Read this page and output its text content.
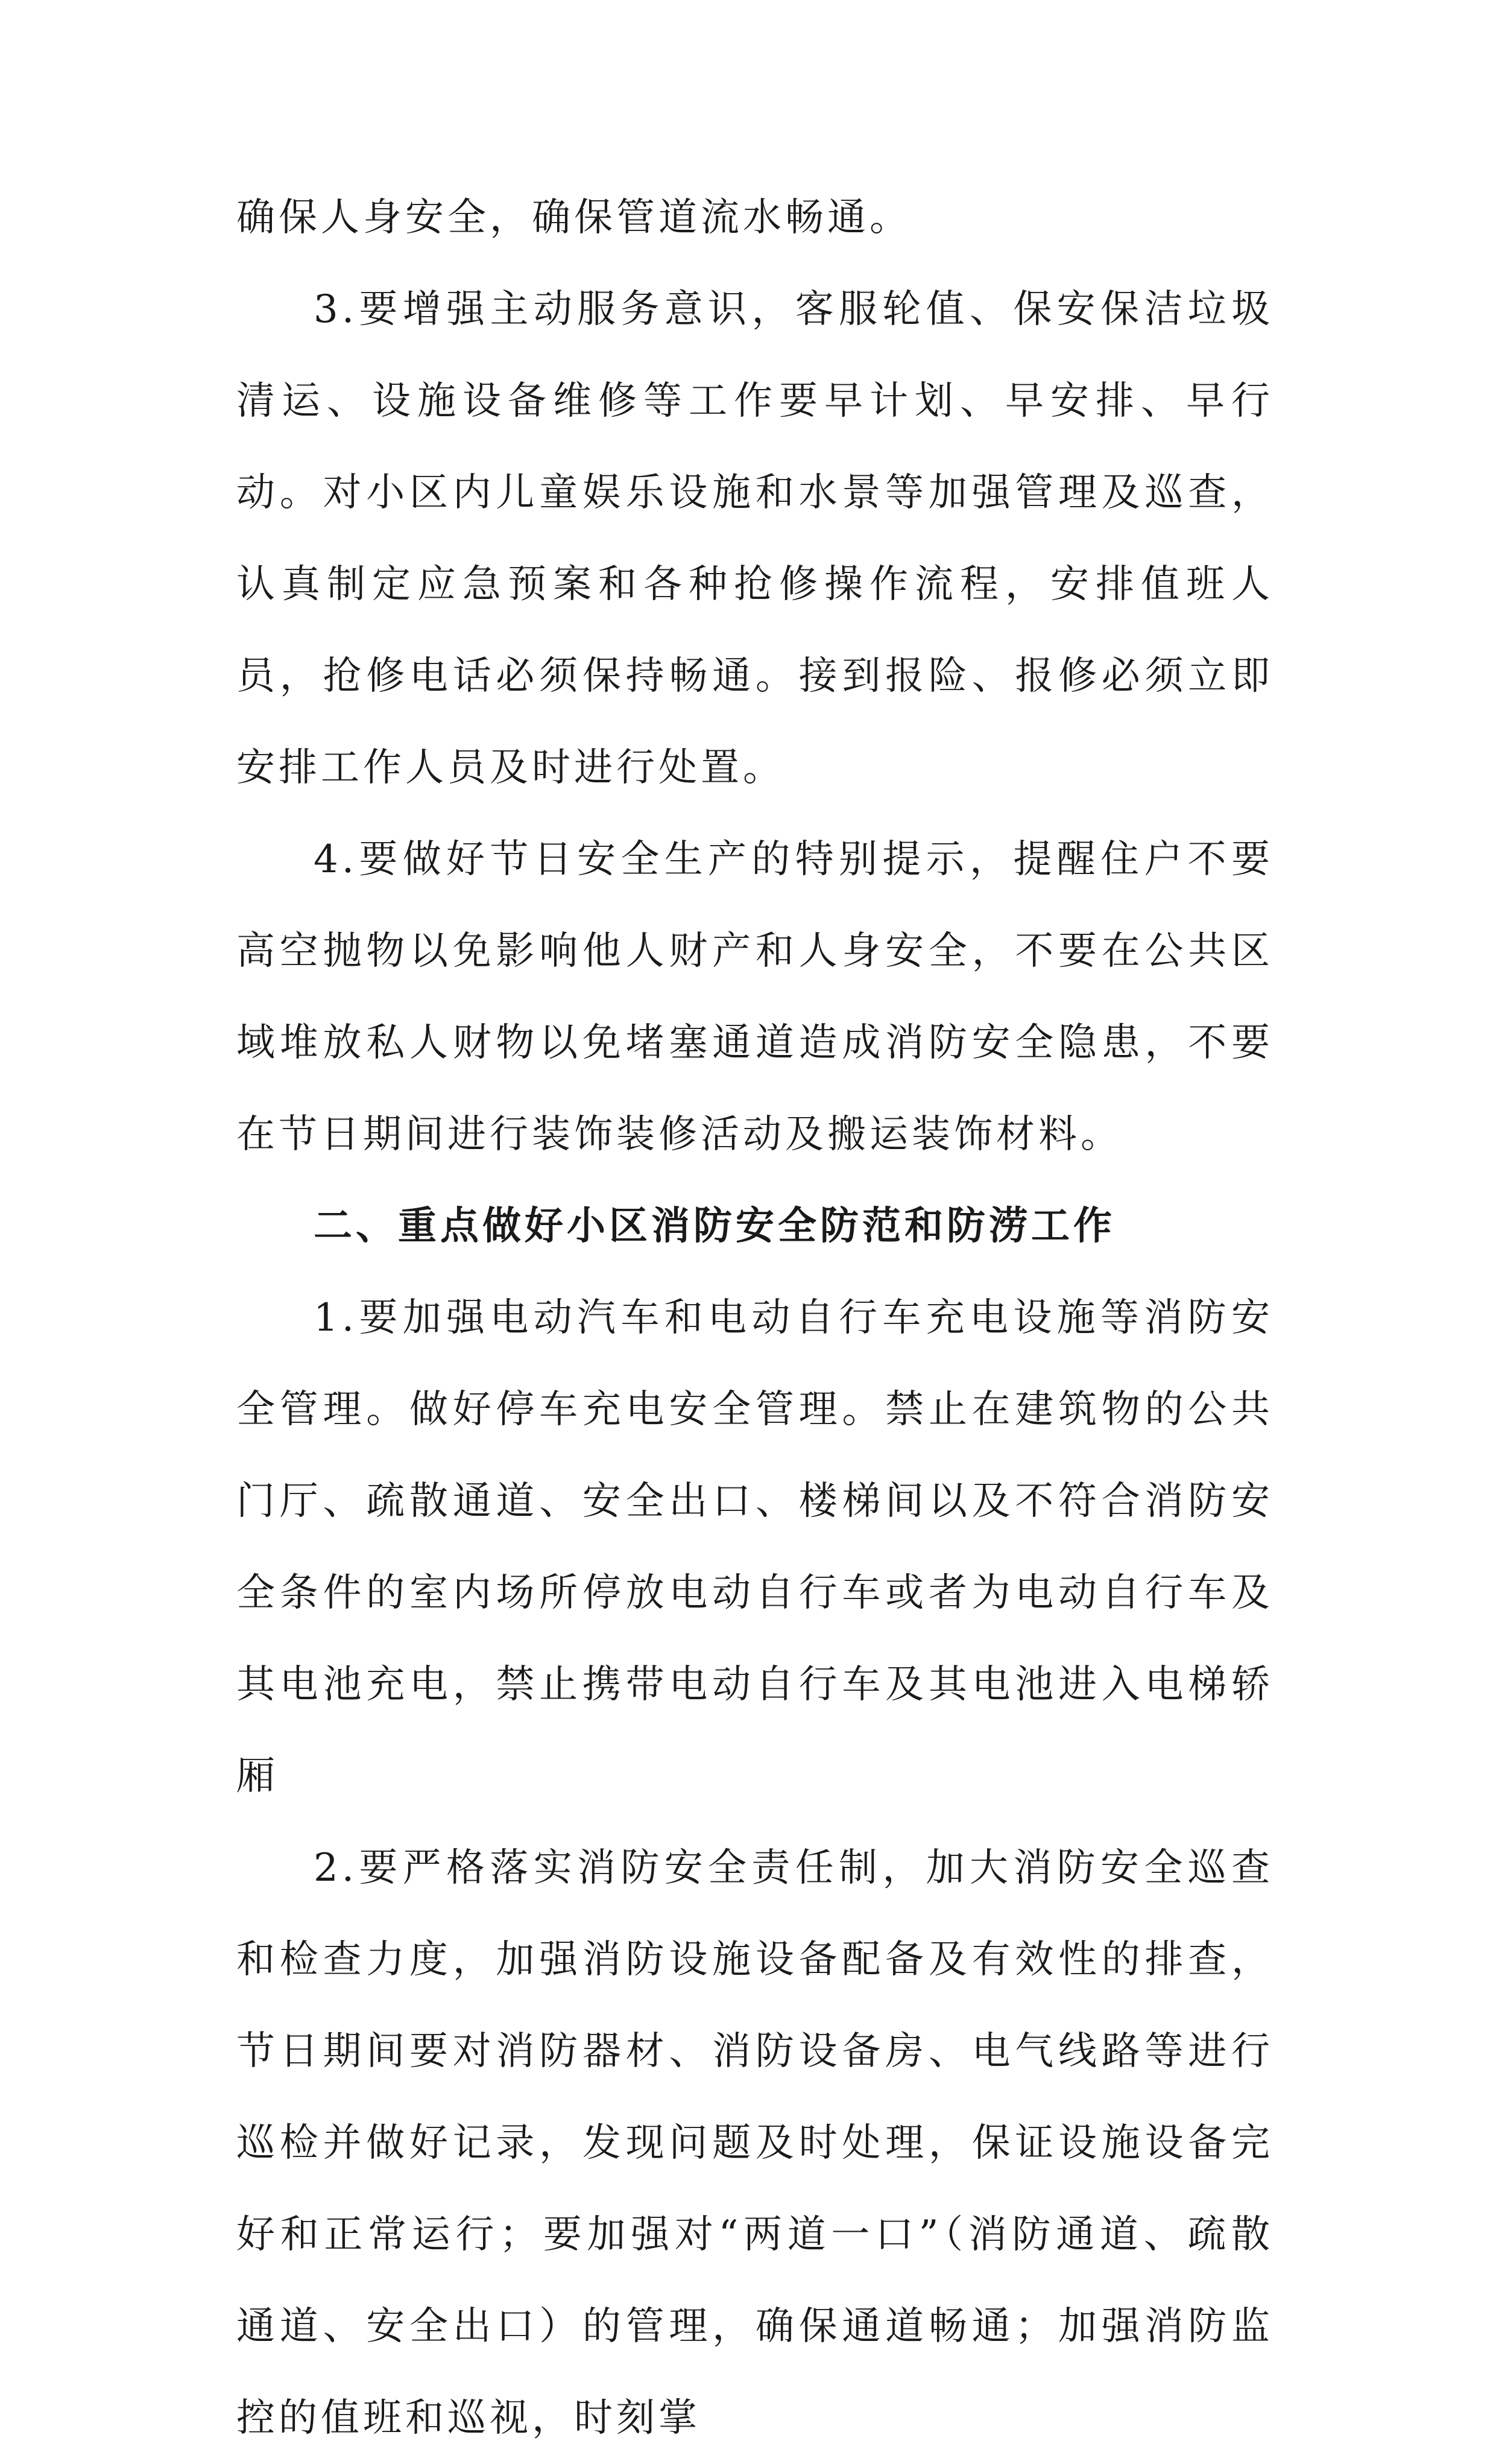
确保人身安全，确保管道流水畅通。

3.要增强主动服务意识，客服轮值、保安保洁垃圾清运、设施设备维修等工作要早计划、早安排、早行动。对小区内儿童娱乐设施和水景等加强管理及巡查，认真制定应急预案和各种抢修操作流程，安排值班人员，抢修电话必须保持畅通。接到报险、报修必须立即安排工作人员及时进行处置。

4.要做好节日安全生产的特别提示，提醒住户不要高空抛物以免影响他人财产和人身安全，不要在公共区域堆放私人财物以免堵塞通道造成消防安全隐患，不要在节日期间进行装饰装修活动及搬运装饰材料。

二、重点做好小区消防安全防范和防涝工作

1.要加强电动汽车和电动自行车充电设施等消防安全管理。做好停车充电安全管理。禁止在建筑物的公共门厅、疏散通道、安全出口、楼梯间以及不符合消防安全条件的室内场所停放电动自行车或者为电动自行车及其电池充电，禁止携带电动自行车及其电池进入电梯轿厢

2.要严格落实消防安全责任制，加大消防安全巡查和检查力度，加强消防设施设备配备及有效性的排查，节日期间要对消防器材、消防设备房、电气线路等进行巡检并做好记录，发现问题及时处理，保证设施设备完好和正常运行；要加强对“两道一口”（消防通道、疏散通道、安全出口）的管理，确保通道畅通；加强消防监控的值班和巡视，时刻掌
